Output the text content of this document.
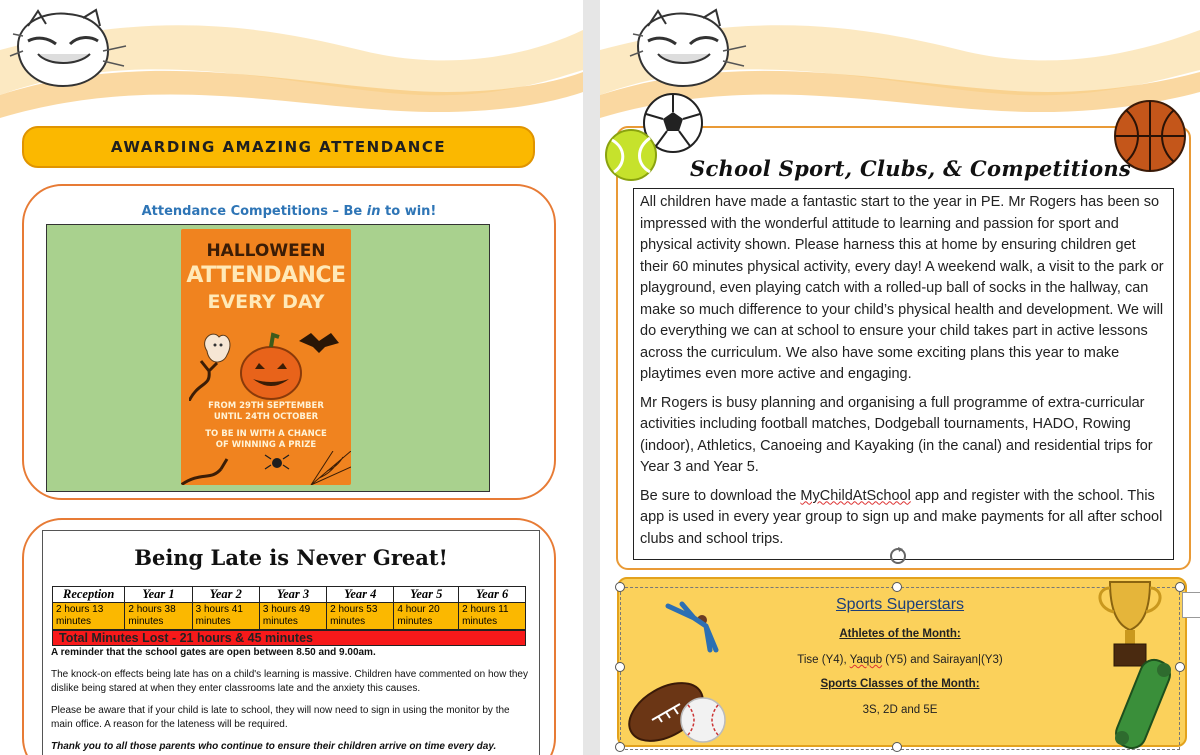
AWARDING AMAZING ATTENDANCE
Attendance Competitions – Be in to win!
HALLOWEEN
ATTENDANCE
EVERY DAY
FROM 29TH SEPTEMBER
UNTIL 24TH OCTOBER
TO BE IN WITH A CHANCE
OF WINNING A PRIZE
Being Late is Never Great!
Reception	Year 1	Year 2	Year 3	Year 4	Year 5	Year 6
2 hours 13 minutes	2 hours 38 minutes	3 hours 41 minutes	3 hours 49 minutes	2 hours 53 minutes	4 hour 20 minutes	2 hours 11 minutes
Total Minutes Lost - 21 hours & 45 minutes
A reminder that the school gates are open between 8.50 and 9.00am.
The knock-on effects being late has on a child's learning is massive. Children have commented on how they dislike being stared at when they enter classrooms late and the anxiety this causes.
Please be aware that if your child is late to school, they will now need to sign in using the monitor by the main office. A reason for the lateness will be required.
Thank you to all those parents who continue to ensure their children arrive on time every day.
School Sport, Clubs, & Competitions

All children have made a fantastic start to the year in PE. Mr Rogers has been so impressed with the wonderful attitude to learning and passion for sport and physical activity shown. Please harness this at home by ensuring children get their 60 minutes physical activity, every day! A weekend walk, a visit to the park or playground, even playing catch with a rolled-up ball of socks in the hallway, can make so much difference to your child’s physical health and development. We will do everything we can at school to ensure your child takes part in active lessons across the curriculum. We also have some exciting plans this year to make playtimes even more active and engaging.

Mr Rogers is busy planning and organising a full programme of extra-curricular activities including football matches, Dodgeball tournaments, HADO, Rowing (indoor), Athletics, Canoeing and Kayaking (in the canal) and residential trips for Year 3 and Year 5.

Be sure to download the MyChildAtSchool app and register with the school. This app is used in every year group to sign up and make payments for all after school clubs and school trips.

Sports Superstars
Athletes of the Month:
Tise (Y4), Yaqub (Y5) and Sairayan|(Y3)
Sports Classes of the Month:
3S, 2D and 5E
